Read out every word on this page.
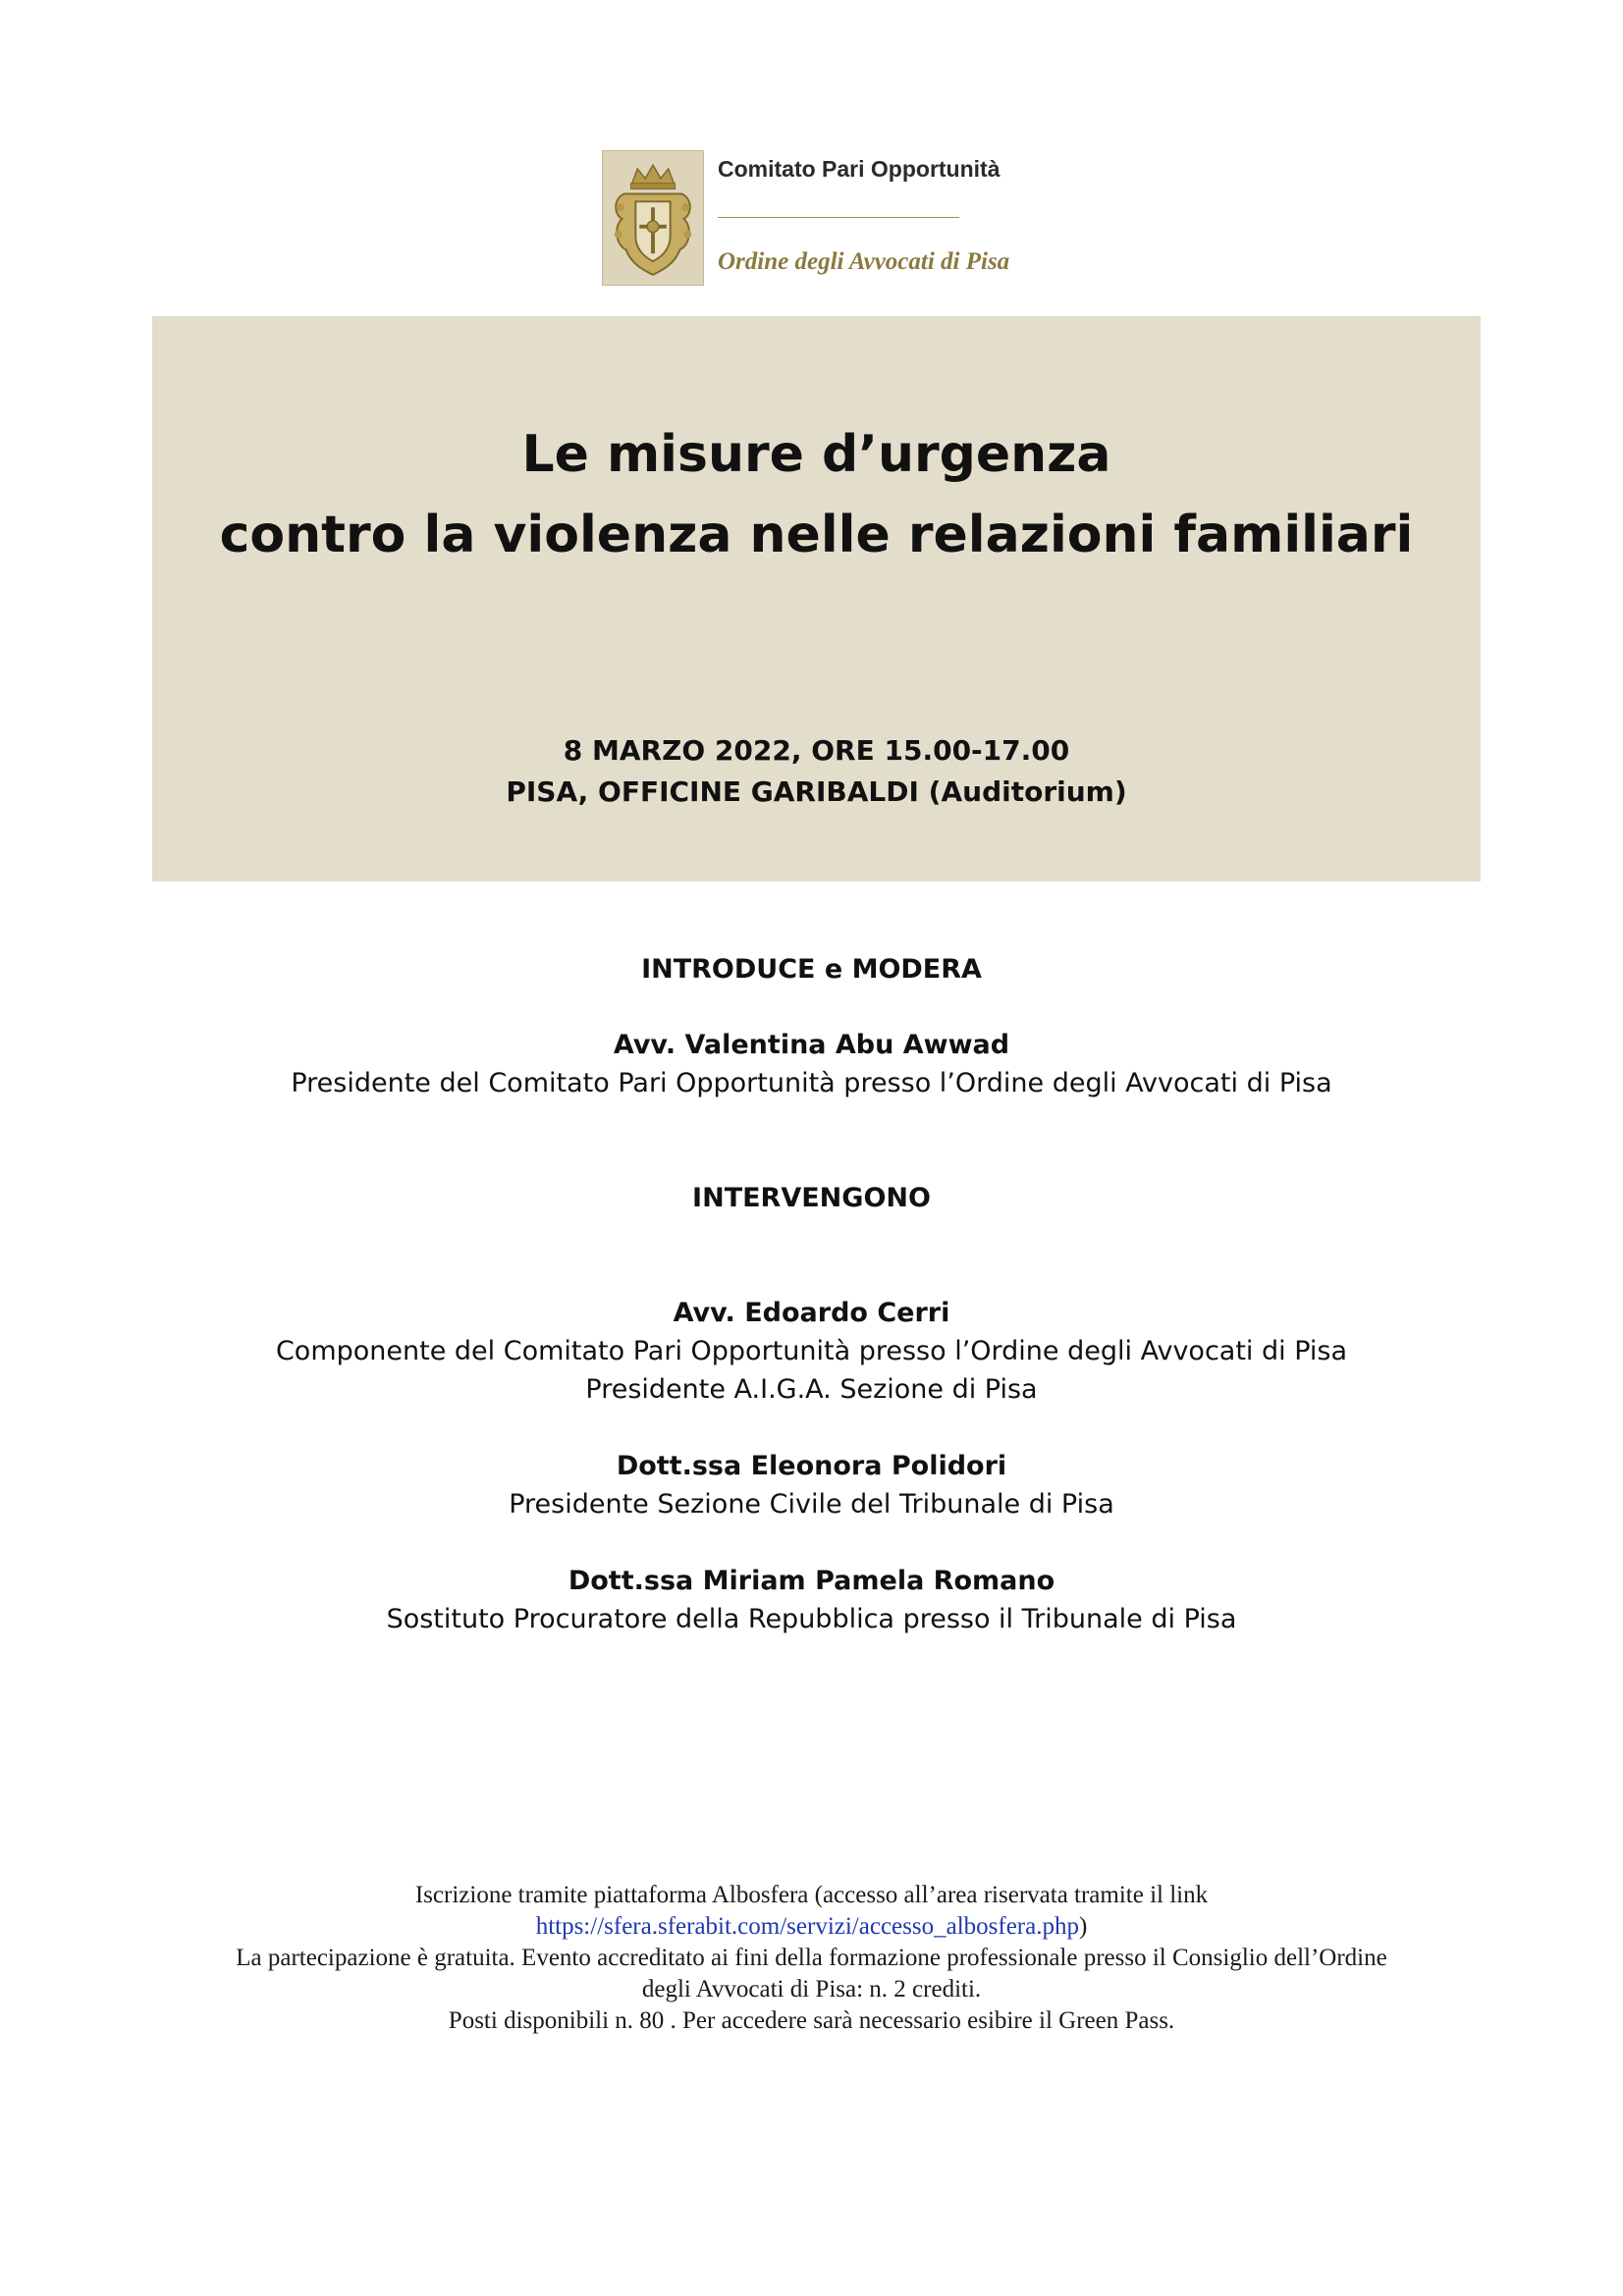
Comitato Pari Opportunità
Ordine degli Avvocati di Pisa
Le misure d’urgenza
contro la violenza nelle relazioni familiari
8 MARZO 2022, ORE 15.00-17.00
PISA, OFFICINE GARIBALDI (Auditorium)
INTRODUCE e MODERA
Avv. Valentina Abu Awwad
Presidente del Comitato Pari Opportunità presso l’Ordine degli Avvocati di Pisa
INTERVENGONO
Avv. Edoardo Cerri
Componente del Comitato Pari Opportunità presso l’Ordine degli Avvocati di Pisa
Presidente A.I.G.A. Sezione di Pisa
Dott.ssa Eleonora Polidori
Presidente Sezione Civile del Tribunale di Pisa
Dott.ssa Miriam Pamela Romano
Sostituto Procuratore della Repubblica presso il Tribunale di Pisa
Iscrizione tramite piattaforma Albosfera (accesso all’area riservata tramite il link
https://sfera.sferabit.com/servizi/accesso_albosfera.php)
La partecipazione è gratuita. Evento accreditato ai fini della formazione professionale presso il Consiglio dell’Ordine
degli Avvocati di Pisa: n. 2 crediti.
Posti disponibili n. 80 . Per accedere sarà necessario esibire il Green Pass.
